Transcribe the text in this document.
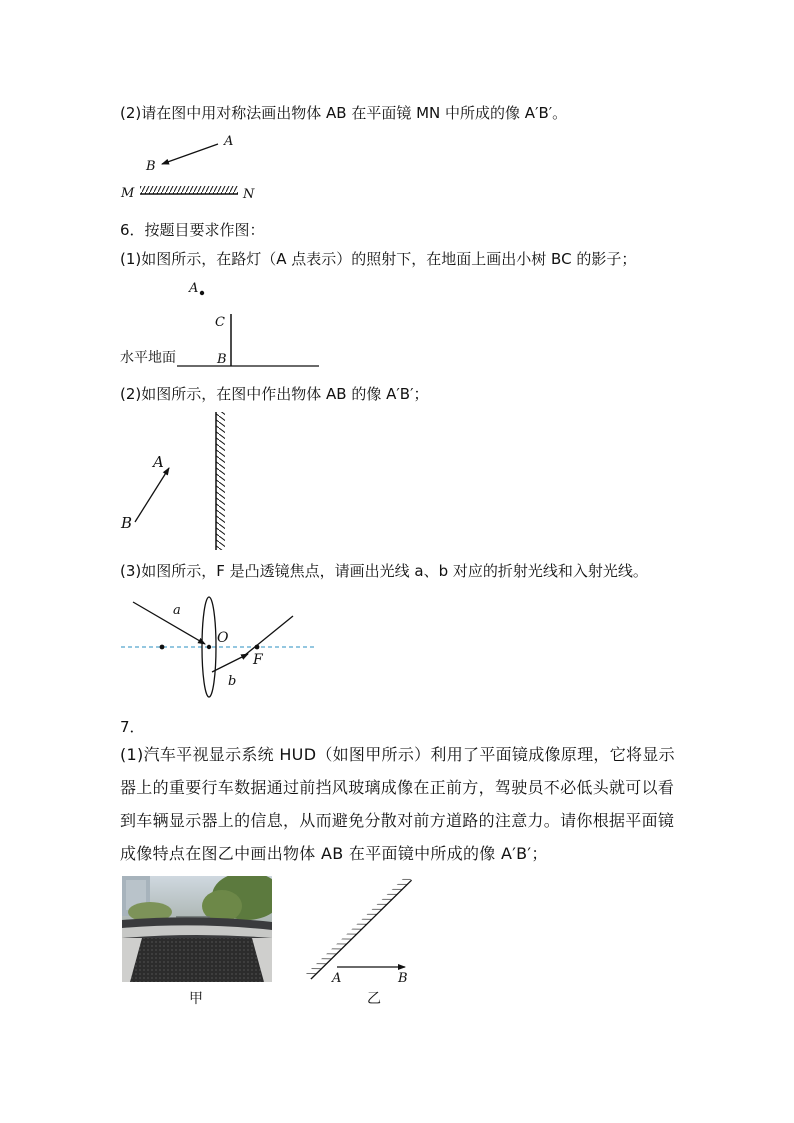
(2)请在图中用对称法画出物体 AB 在平面镜 MN 中所成的像 A′B′。
A
B
M	N
6．按题目要求作图：
(1)如图所示，在路灯（A 点表示）的照射下，在地面上画出小树 BC 的影子；
A
C
B
水平地面
(2)如图所示，在图中作出物体 AB 的像 A′B′；
A
B
(3)如图所示，F 是凸透镜焦点，请画出光线 a、b 对应的折射光线和入射光线。
a
b
O
F
7．
(1)汽车平视显示系统 HUD（如图甲所示）利用了平面镜成像原理，它将显示器上的重要行车数据通过前挡风玻璃成像在正前方，驾驶员不必低头就可以看到车辆显示器上的信息，从而避免分散对前方道路的注意力。请你根据平面镜成像特点在图乙中画出物体 AB 在平面镜中所成的像 A′B′；
甲
A	B
乙
